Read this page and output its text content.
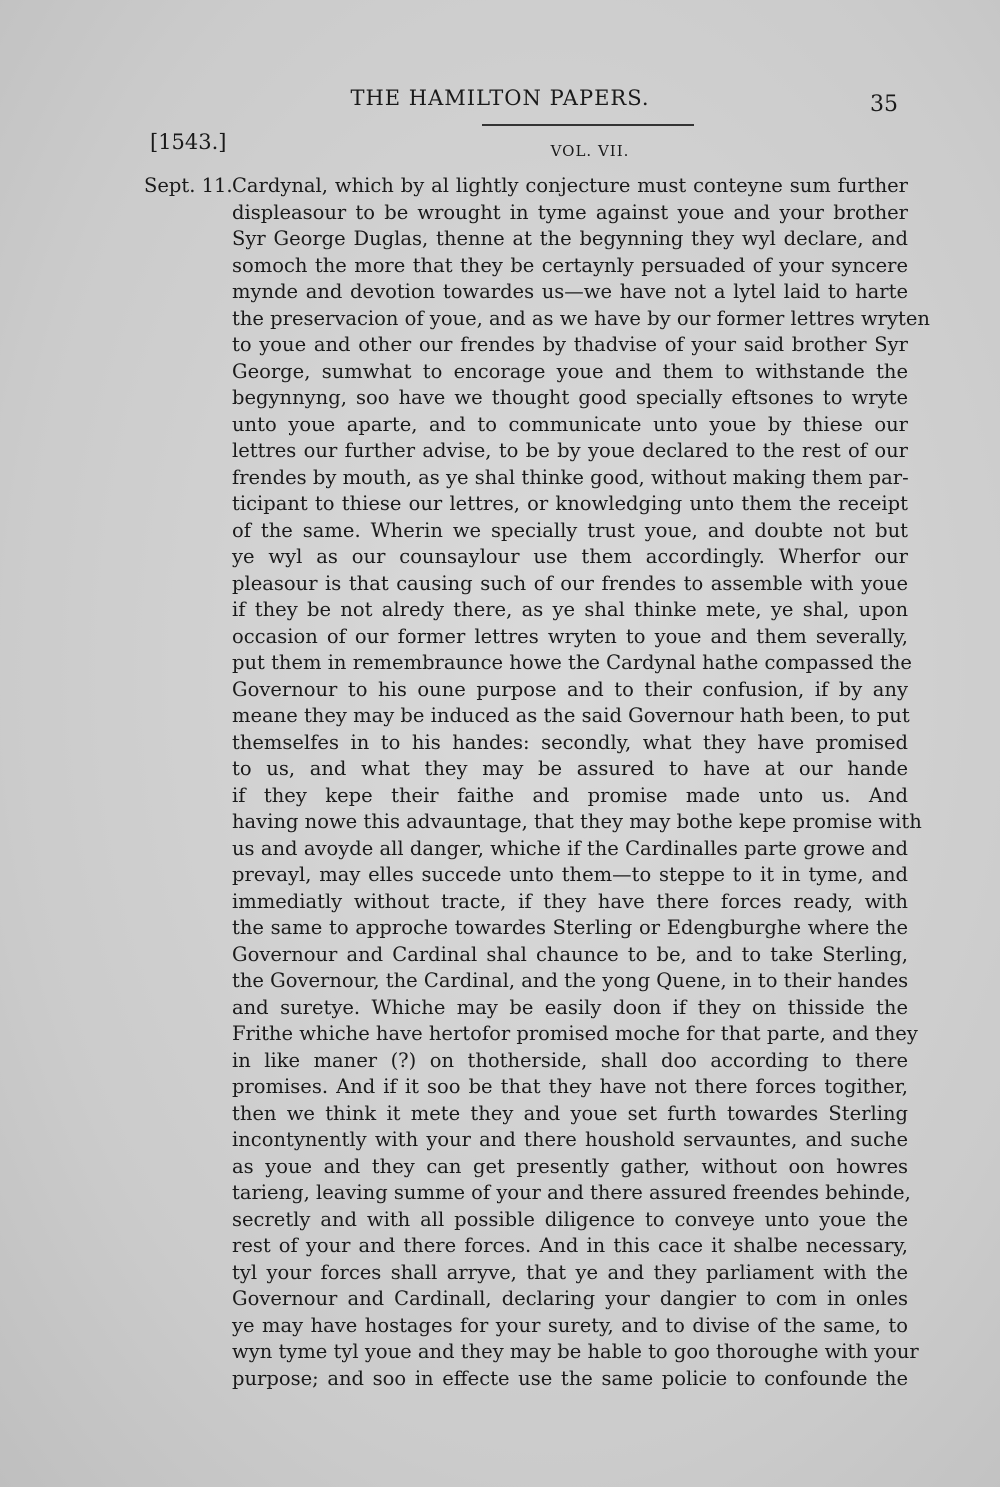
THE HAMILTON PAPERS.	35
[1543.]	VOL. VII.
Sept. 11. Cardynal, which by al lightly conjecture must conteyne sum further
displeasour to be wrought in tyme against youe and your brother
Syr George Duglas, thenne at the begynning they wyl declare, and
somoch the more that they be certaynly persuaded of your syncere
mynde and devotion towardes us—we have not a lytel laid to harte
the preservacion of youe, and as we have by our former lettres wryten
to youe and other our frendes by thadvise of your said brother Syr
George, sumwhat to encorage youe and them to withstande the
begynnyng, soo have we thought good specially eftsones to wryte
unto youe aparte, and to communicate unto youe by thiese our
lettres our further advise, to be by youe declared to the rest of our
frendes by mouth, as ye shal thinke good, without making them par-
ticipant to thiese our lettres, or knowledging unto them the receipt
of the same. Wherin we specially trust youe, and doubte not but
ye wyl as our counsaylour use them accordingly. Wherfor our
pleasour is that causing such of our frendes to assemble with youe
if they be not alredy there, as ye shal thinke mete, ye shal, upon
occasion of our former lettres wryten to youe and them severally,
put them in remembraunce howe the Cardynal hathe compassed the
Governour to his oune purpose and to their confusion, if by any
meane they may be induced as the said Governour hath been, to put
themselfes in to his handes: secondly, what they have promised
to us, and what they may be assured to have at our hande
if they kepe their faithe and promise made unto us. And
having nowe this advauntage, that they may bothe kepe promise with
us and avoyde all danger, whiche if the Cardinalles parte growe and
prevayl, may elles succede unto them—to steppe to it in tyme, and
immediatly without tracte, if they have there forces ready, with
the same to approche towardes Sterling or Edengburghe where the
Governour and Cardinal shal chaunce to be, and to take Sterling,
the Governour, the Cardinal, and the yong Quene, in to their handes
and suretye. Whiche may be easily doon if they on thisside the
Frithe whiche have hertofor promised moche for that parte, and they
in like maner (?) on thotherside, shall doo according to there
promises. And if it soo be that they have not there forces togither,
then we think it mete they and youe set furth towardes Sterling
incontynently with your and there houshold servauntes, and suche
as youe and they can get presently gather, without oon howres
tarieng, leaving summe of your and there assured freendes behinde,
secretly and with all possible diligence to conveye unto youe the
rest of your and there forces. And in this cace it shalbe necessary,
tyl your forces shall arryve, that ye and they parliament with the
Governour and Cardinall, declaring your dangier to com in onles
ye may have hostages for your surety, and to divise of the same, to
wyn tyme tyl youe and they may be hable to goo thoroughe with your
purpose; and soo in effecte use the same policie to confounde the
